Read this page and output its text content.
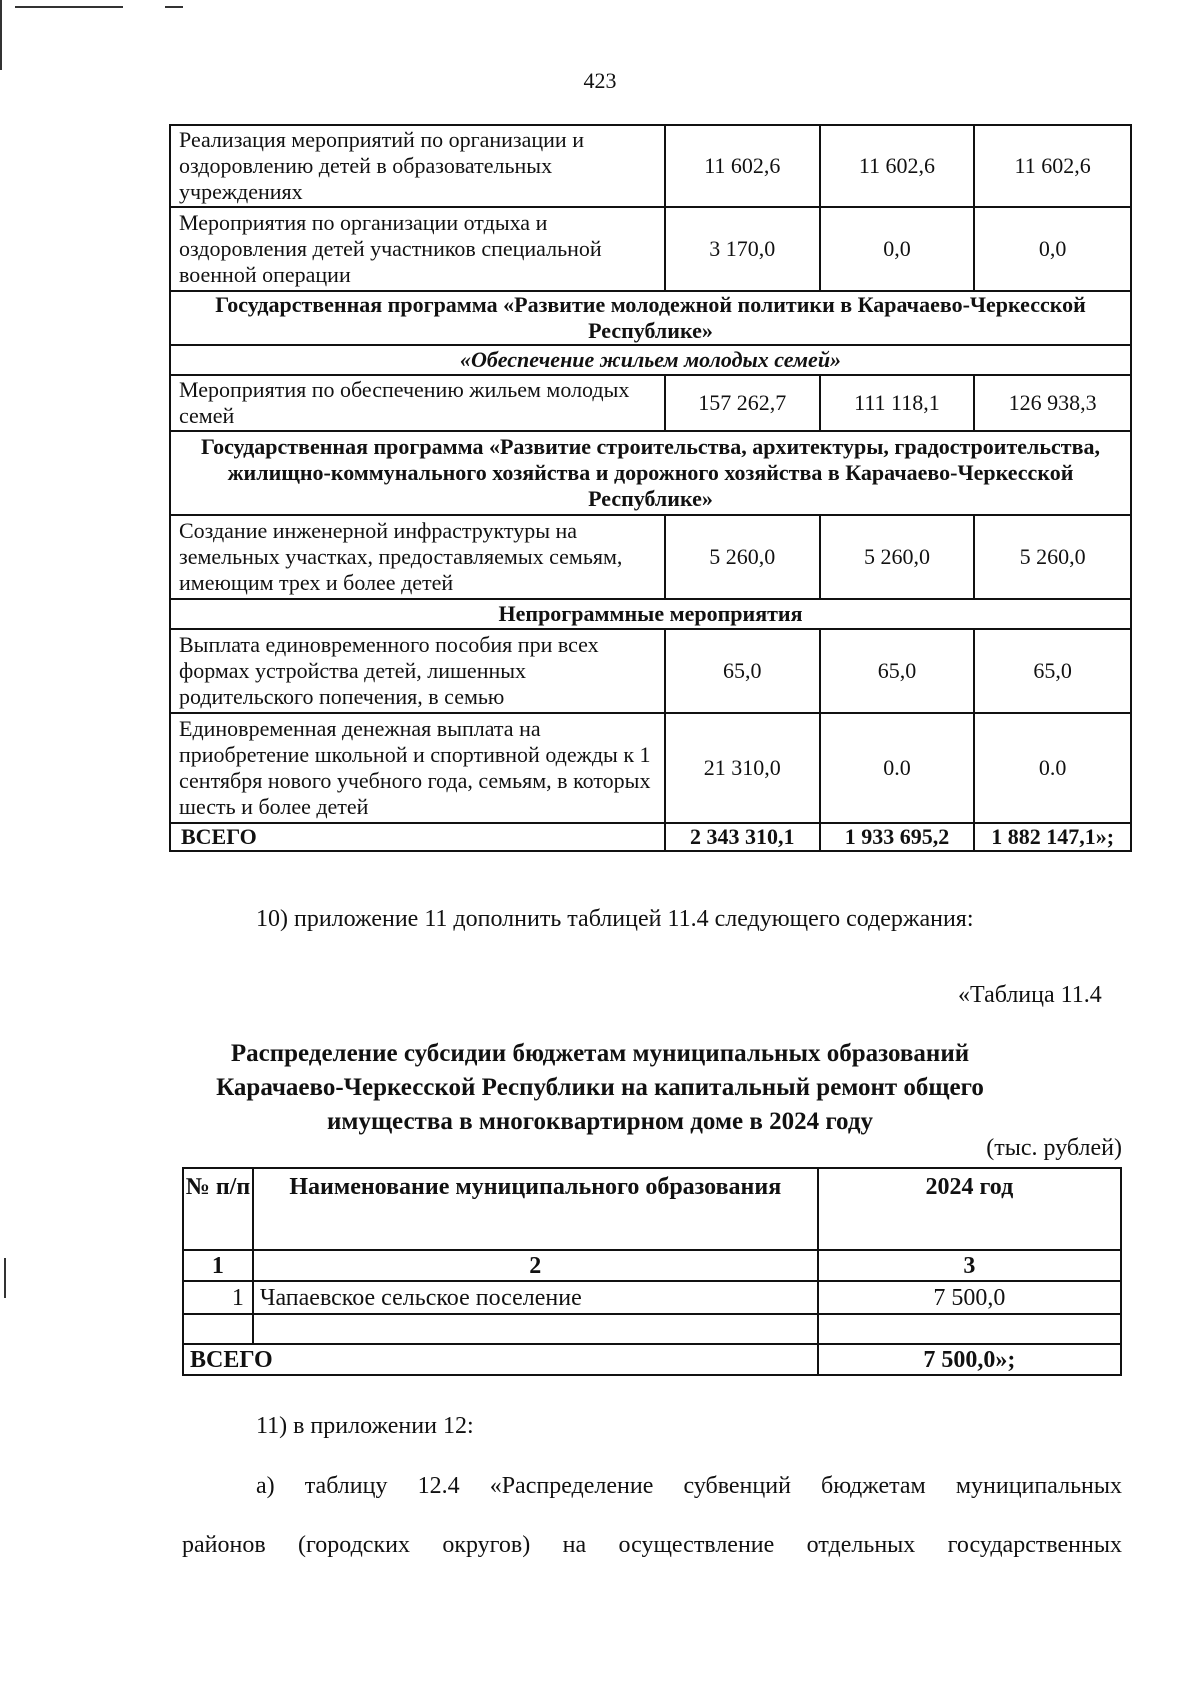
423
Реализация мероприятий по организации и оздоровлению детей в образовательных учреждениях	11 602,6	11 602,6	11 602,6
Мероприятия по организации отдыха и оздоровления детей участников специальной военной операции	3 170,0	0,0	0,0
Государственная программа «Развитие молодежной политики в Карачаево-Черкесской Республике»			
«Обеспечение жильем молодых семей»			
Мероприятия по обеспечению жильем молодых семей	157 262,7	111 118,1	126 938,3
Государственная программа «Развитие строительства, архитектуры, градостроительства, жилищно-коммунального хозяйства и дорожного хозяйства в Карачаево-Черкесской Республике»			
Создание инженерной инфраструктуры на земельных участках, предоставляемых семьям, имеющим трех и более детей	5 260,0	5 260,0	5 260,0
Непрограммные мероприятия			
Выплата единовременного пособия при всех формах устройства детей, лишенных родительского попечения, в семью	65,0	65,0	65,0
Единовременная денежная выплата на приобретение школьной и спортивной одежды к 1 сентября нового учебного года, семьям, в которых шесть и более детей	21 310,0	0.0	0.0
ВСЕГО	2 343 310,1	1 933 695,2	1 882 147,1»;
10) приложение 11 дополнить таблицей 11.4 следующего содержания:
«Таблица 11.4
Распределение субсидии бюджетам муниципальных образований Карачаево-Черкесской Республики на капитальный ремонт общего имущества в многоквартирном доме в 2024 году
(тыс. рублей)
№ п/п	Наименование муниципального образования	2024 год
1	2	3
1	Чапаевское сельское поселение	7 500,0

ВСЕГО		7 500,0»;
11) в приложении 12:
а) таблицу 12.4 «Распределение субвенций бюджетам муниципальных
районов (городских округов) на осуществление отдельных государственных
